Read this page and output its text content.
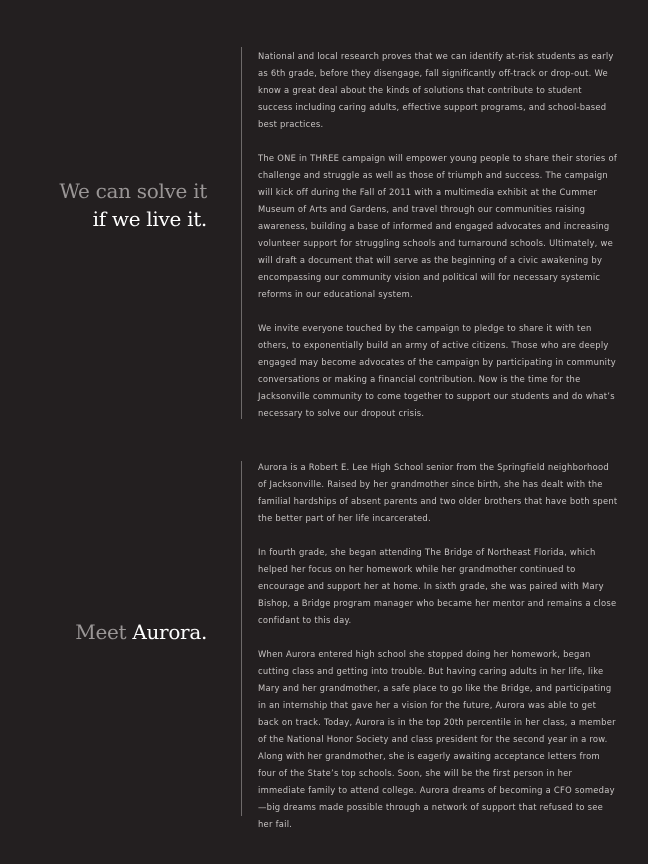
We can solve it
if we live it.

National and local research proves that we can identify at-risk students as early as 6th grade, before they disengage, fall significantly off-track or drop-out. We know a great deal about the kinds of solutions that contribute to student success including caring adults, effective support programs, and school-based best practices.

The ONE in THREE campaign will empower young people to share their stories of challenge and struggle as well as those of triumph and success. The campaign will kick off during the Fall of 2011 with a multimedia exhibit at the Cummer Museum of Arts and Gardens, and travel through our communities raising awareness, building a base of informed and engaged advocates and increasing volunteer support for struggling schools and turnaround schools. Ultimately, we will draft a document that will serve as the beginning of a civic awakening by encompassing our community vision and political will for necessary systemic reforms in our educational system.

We invite everyone touched by the campaign to pledge to share it with ten others, to exponentially build an army of active citizens. Those who are deeply engaged may become advocates of the campaign by participating in community conversations or making a financial contribution. Now is the time for the Jacksonville community to come together to support our students and do what’s necessary to solve our dropout crisis.

Meet Aurora.

Aurora is a Robert E. Lee High School senior from the Springfield neighborhood of Jacksonville. Raised by her grandmother since birth, she has dealt with the familial hardships of absent parents and two older brothers that have both spent the better part of her life incarcerated.

In fourth grade, she began attending The Bridge of Northeast Florida, which helped her focus on her homework while her grandmother continued to encourage and support her at home. In sixth grade, she was paired with Mary Bishop, a Bridge program manager who became her mentor and remains a close confidant to this day.

When Aurora entered high school she stopped doing her homework, began cutting class and getting into trouble. But having caring adults in her life, like Mary and her grandmother, a safe place to go like the Bridge, and participating in an internship that gave her a vision for the future, Aurora was able to get back on track. Today, Aurora is in the top 20th percentile in her class, a member of the National Honor Society and class president for the second year in a row. Along with her grandmother, she is eagerly awaiting acceptance letters from four of the State’s top schools. Soon, she will be the first person in her immediate family to attend college. Aurora dreams of becoming a CFO someday—big dreams made possible through a network of support that refused to see her fail.
